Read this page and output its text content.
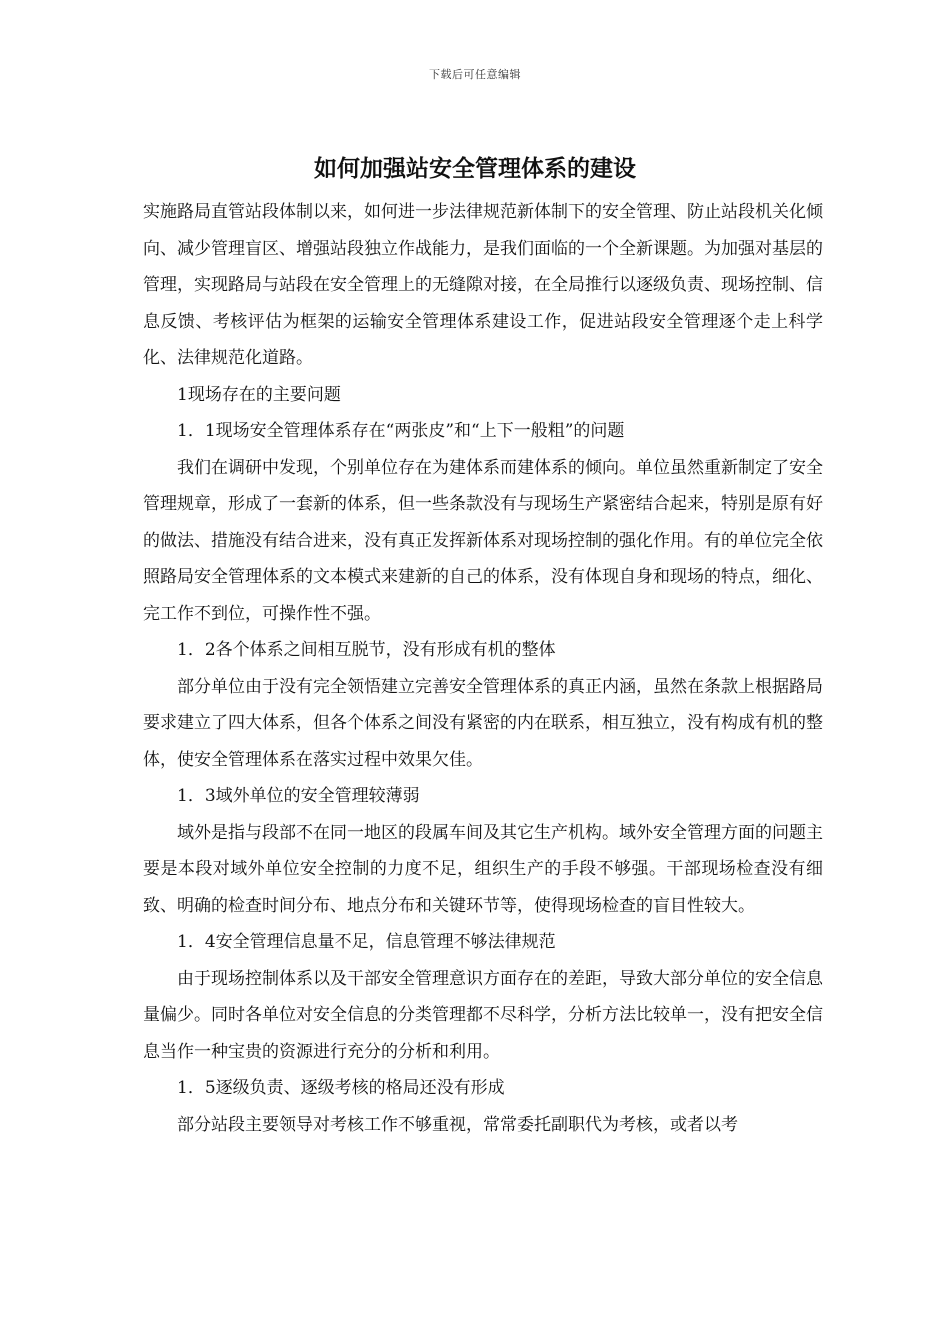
下载后可任意编辑
如何加强站安全管理体系的建设

实施路局直管站段体制以来，如何进一步法律规范新体制下的安全管理、防止站段机关化倾向、减少管理盲区、增强站段独立作战能力，是我们面临的一个全新课题。为加强对基层的管理，实现路局与站段在安全管理上的无缝隙对接，在全局推行以逐级负责、现场控制、信息反馈、考核评估为框架的运输安全管理体系建设工作，促进站段安全管理逐个走上科学化、法律规范化道路。

1现场存在的主要问题

1．1现场安全管理体系存在“两张皮”和“上下一般粗”的问题

我们在调研中发现，个别单位存在为建体系而建体系的倾向。单位虽然重新制定了安全管理规章，形成了一套新的体系，但一些条款没有与现场生产紧密结合起来，特别是原有好的做法、措施没有结合进来，没有真正发挥新体系对现场控制的强化作用。有的单位完全依照路局安全管理体系的文本模式来建新的自己的体系，没有体现自身和现场的特点，细化、完工作不到位，可操作性不强。

1．2各个体系之间相互脱节，没有形成有机的整体

部分单位由于没有完全领悟建立完善安全管理体系的真正内涵，虽然在条款上根据路局要求建立了四大体系，但各个体系之间没有紧密的内在联系，相互独立，没有构成有机的整体，使安全管理体系在落实过程中效果欠佳。

1．3域外单位的安全管理较薄弱

域外是指与段部不在同一地区的段属车间及其它生产机构。域外安全管理方面的问题主要是本段对域外单位安全控制的力度不足，组织生产的手段不够强。干部现场检查没有细致、明确的检查时间分布、地点分布和关键环节等，使得现场检查的盲目性较大。

1．4安全管理信息量不足，信息管理不够法律规范

由于现场控制体系以及干部安全管理意识方面存在的差距，导致大部分单位的安全信息量偏少。同时各单位对安全信息的分类管理都不尽科学，分析方法比较单一，没有把安全信息当作一种宝贵的资源进行充分的分析和利用。

1．5逐级负责、逐级考核的格局还没有形成

部分站段主要领导对考核工作不够重视，常常委托副职代为考核，或者以考
